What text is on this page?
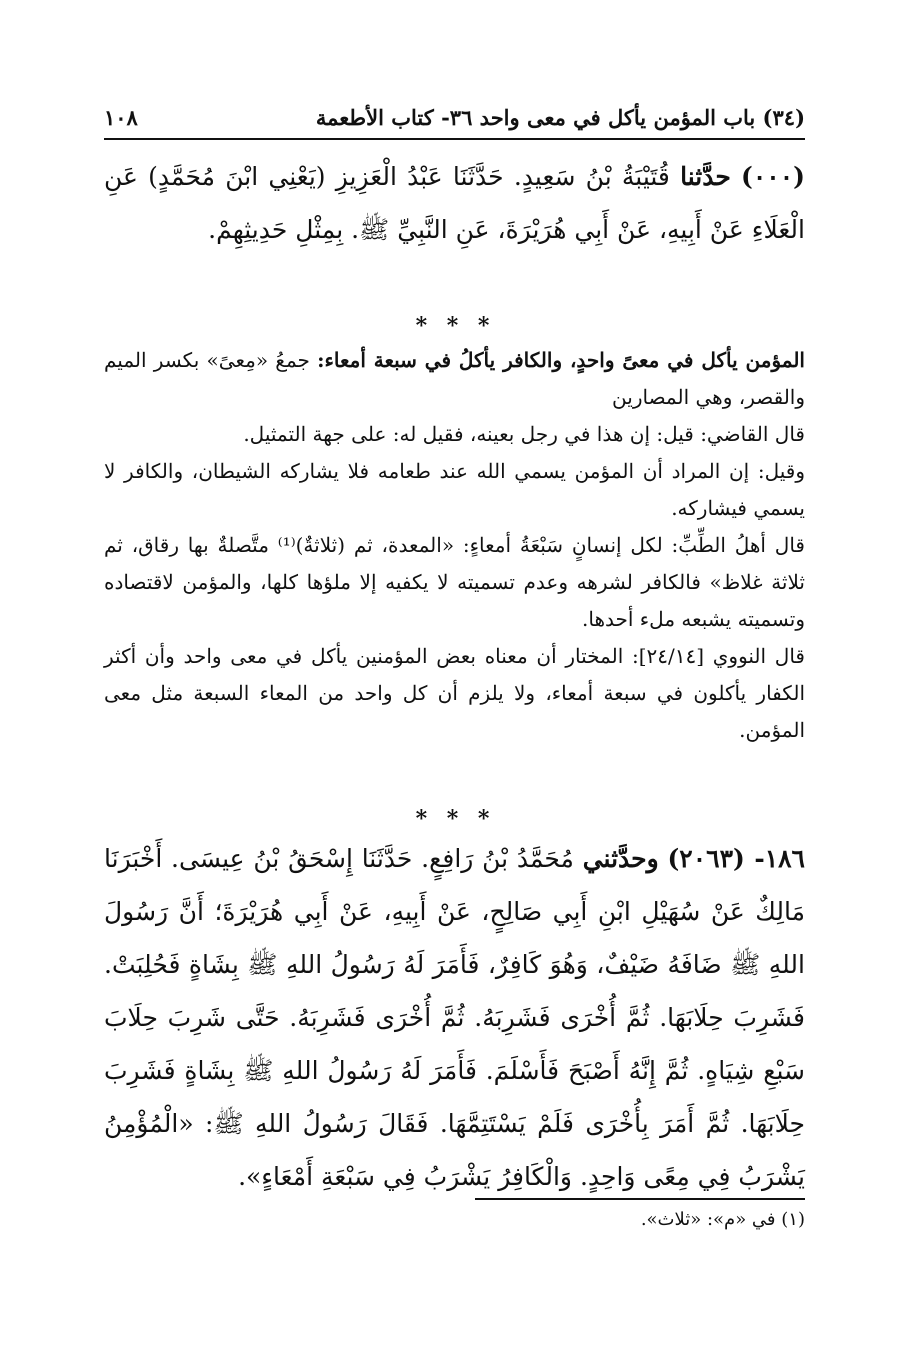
(٣٤) باب المؤمن يأكل في معى واحد ٣٦- كتاب الأطعمة
١٠٨
(٠٠٠) حدَّثنا قُتَيْبَةُ بْنُ سَعِيدٍ. حَدَّثَنَا عَبْدُ الْعَزِيزِ (يَعْنِي ابْنَ مُحَمَّدٍ) عَنِ الْعَلَاءِ عَنْ أَبِيهِ، عَنْ أَبِي هُرَيْرَةَ، عَنِ النَّبِيِّ ﷺ. بِمِثْلِ حَدِيثِهِمْ.
* * *

المؤمن يأكل في معىً واحدٍ، والكافر يأكلُ في سبعة أمعاء: جمعُ «مِعىً» بكسر الميم والقصر، وهي المصارين

قال القاضي: قيل: إن هذا في رجل بعينه، فقيل له: على جهة التمثيل.

وقيل: إن المراد أن المؤمن يسمي الله عند طعامه فلا يشاركه الشيطان، والكافر لا يسمي فيشاركه.

قال أهلُ الطِّبِّ: لكل إنسانٍ سَبْعَةُ أمعاءٍ: «المعدة، ثم (ثلاثةٌ)⁽¹⁾ متَّصلةٌ بها رقاق، ثم ثلاثة غلاظ» فالكافر لشرهه وعدم تسميته لا يكفيه إلا ملؤها كلها، والمؤمن لاقتصاده وتسميته يشبعه ملء أحدها.

قال النووي [٢٤/١٤]: المختار أن معناه بعض المؤمنين يأكل في معى واحد وأن أكثر الكفار يأكلون في سبعة أمعاء، ولا يلزم أن كل واحد من المعاء السبعة مثل معى المؤمن.

* * *
١٨٦- (٢٠٦٣) وحدَّثني مُحَمَّدُ بْنُ رَافِعٍ. حَدَّثَنَا إِسْحَقُ بْنُ عِيسَى. أَخْبَرَنَا مَالِكٌ عَنْ سُهَيْلِ ابْنِ أَبِي صَالِحٍ، عَنْ أَبِيهِ، عَنْ أَبِي هُرَيْرَةَ؛ أَنَّ رَسُولَ اللهِ ﷺ ضَافَهُ ضَيْفٌ، وَهُوَ كَافِرٌ، فَأَمَرَ لَهُ رَسُولُ اللهِ ﷺ بِشَاةٍ فَحُلِبَتْ. فَشَرِبَ حِلَابَهَا. ثُمَّ أُخْرَى فَشَرِبَهُ. ثُمَّ أُخْرَى فَشَرِبَهُ. حَتَّى شَرِبَ حِلَابَ سَبْعِ شِيَاهٍ. ثُمَّ إِنَّهُ أَصْبَحَ فَأَسْلَمَ. فَأَمَرَ لَهُ رَسُولُ اللهِ ﷺ بِشَاةٍ فَشَرِبَ حِلَابَهَا. ثُمَّ أَمَرَ بِأُخْرَى فَلَمْ يَسْتَتِمَّهَا. فَقَالَ رَسُولُ اللهِ ﷺ: «الْمُؤْمِنُ يَشْرَبُ فِي مِعًى وَاحِدٍ. وَالْكَافِرُ يَشْرَبُ فِي سَبْعَةِ أَمْعَاءٍ».
(١) في «م»: «ثلاث».
